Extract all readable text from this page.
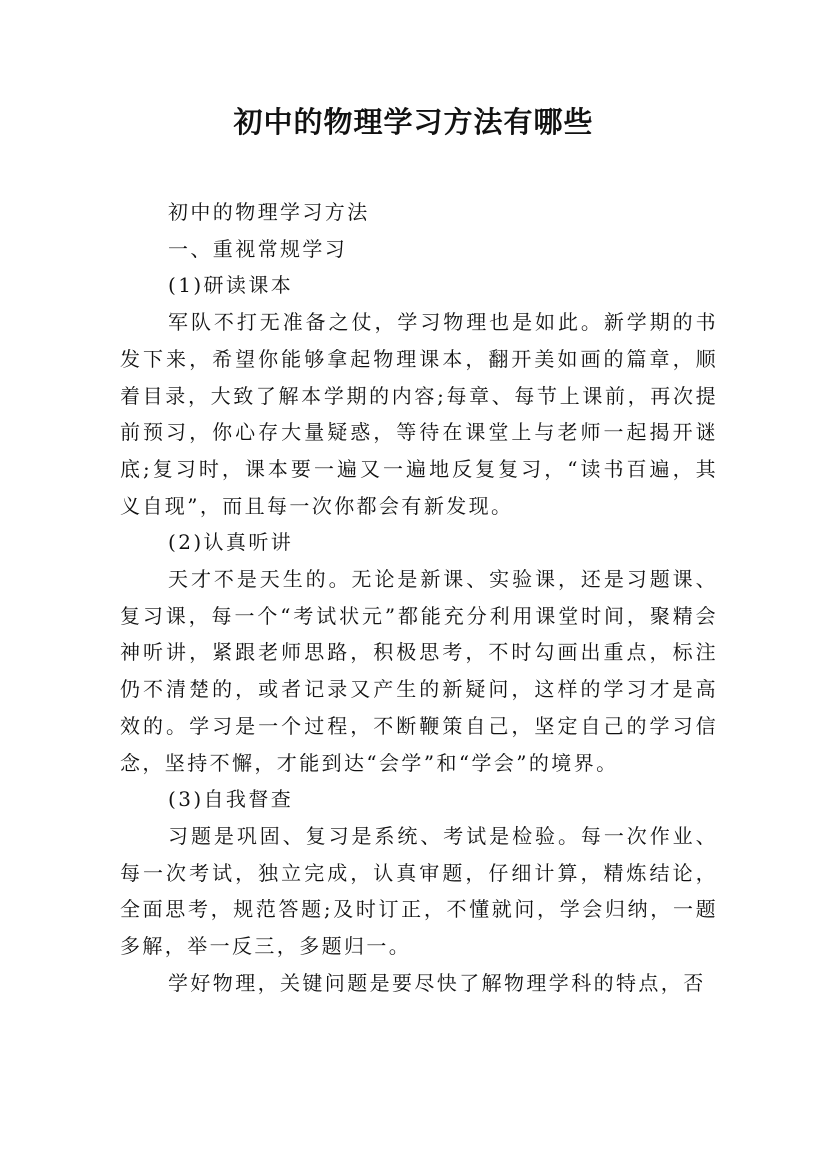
初中的物理学习方法有哪些

初中的物理学习方法

一、重视常规学习

(1)研读课本

军队不打无准备之仗，学习物理也是如此。新学期的书发下来，希望你能够拿起物理课本，翻开美如画的篇章，顺着目录，大致了解本学期的内容;每章、每节上课前，再次提前预习，你心存大量疑惑，等待在课堂上与老师一起揭开谜底;复习时，课本要一遍又一遍地反复复习，“读书百遍，其义自现”，而且每一次你都会有新发现。

(2)认真听讲

天才不是天生的。无论是新课、实验课，还是习题课、复习课，每一个“考试状元”都能充分利用课堂时间，聚精会神听讲，紧跟老师思路，积极思考，不时勾画出重点，标注仍不清楚的，或者记录又产生的新疑问，这样的学习才是高效的。学习是一个过程，不断鞭策自己，坚定自己的学习信念，坚持不懈，才能到达“会学”和“学会”的境界。

(3)自我督查

习题是巩固、复习是系统、考试是检验。每一次作业、每一次考试，独立完成，认真审题，仔细计算，精炼结论，全面思考，规范答题;及时订正，不懂就问，学会归纳，一题多解，举一反三，多题归一。

学好物理，关键问题是要尽快了解物理学科的特点，否
